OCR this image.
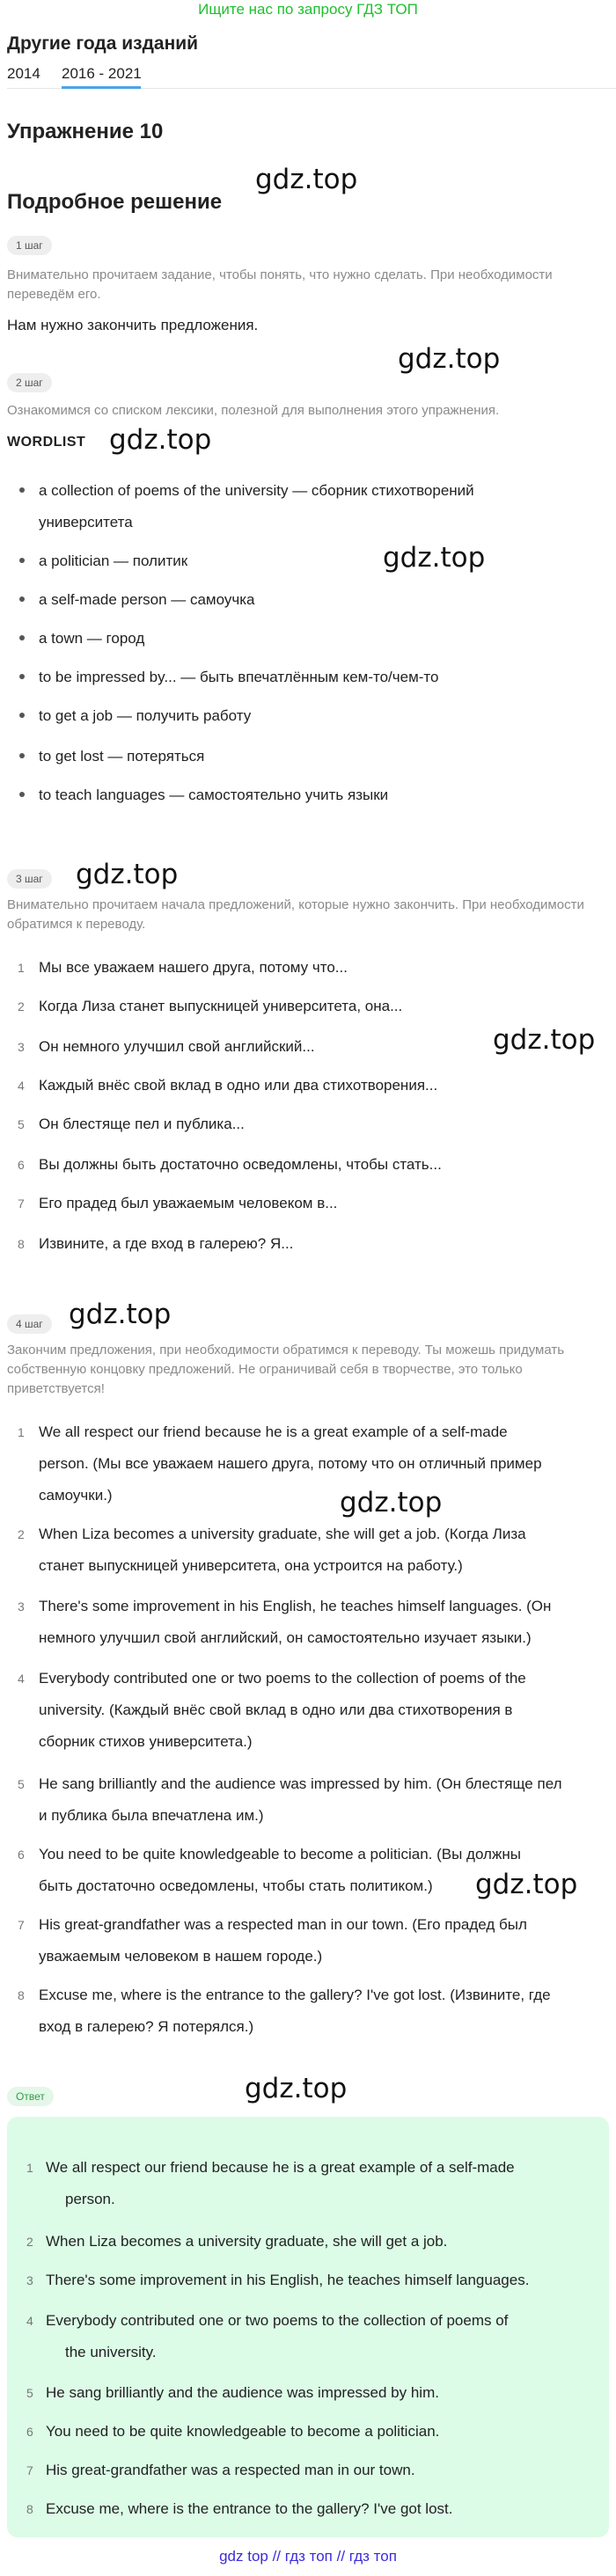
Ищите нас по запросу ГДЗ ТОП
Другие года изданий
2014 2016 - 2021
Упражнение 10
Подробное решение
gdz.top
gdz.top
gdz.top
gdz.top
gdz.top
gdz.top
gdz.top
gdz.top
gdz.top
gdz.top
1 шаг
Внимательно прочитаем задание, чтобы понять, что нужно сделать. При необходимости переведём его.
Нам нужно закончить предложения.
2 шаг
Ознакомимся со списком лексики, полезной для выполнения этого упражнения.
WORDLIST
a collection of poems of the university — сборник стихотворений
университета
a politician — политик
a self-made person — самоучка
a town — город
to be impressed by... — быть впечатлённым кем-то/чем-то
to get a job — получить работу
to get lost — потеряться
to teach languages — самостоятельно учить языки
3 шаг
Внимательно прочитаем начала предложений, которые нужно закончить. При необходимости обратимся к переводу.
1 Мы все уважаем нашего друга, потому что...
2 Когда Лиза станет выпускницей университета, она...
3 Он немного улучшил свой английский...
4 Каждый внёс свой вклад в одно или два стихотворения...
5 Он блестяще пел и публика...
6 Вы должны быть достаточно осведомлены, чтобы стать...
7 Его прадед был уважаемым человеком в...
8 Извините, а где вход в галерею? Я...
4 шаг
Закончим предложения, при необходимости обратимся к переводу. Ты можешь придумать собственную концовку предложений. Не ограничивай себя в творчестве, это только приветствуется!
1 We all respect our friend because he is a great example of a self-made
person. (Мы все уважаем нашего друга, потому что он отличный пример
самоучки.)
2 When Liza becomes a university graduate, she will get a job. (Когда Лиза
станет выпускницей университета, она устроится на работу.)
3 There's some improvement in his English, he teaches himself languages. (Он
немного улучшил свой английский, он самостоятельно изучает языки.)
4 Everybody contributed one or two poems to the collection of poems of the
university. (Каждый внёс свой вклад в одно или два стихотворения в
сборник стихов университета.)
5 He sang brilliantly and the audience was impressed by him. (Он блестяще пел
и публика была впечатлена им.)
6 You need to be quite knowledgeable to become a politician. (Вы должны
быть достаточно осведомлены, чтобы стать политиком.)
7 His great-grandfather was a respected man in our town. (Его прадед был
уважаемым человеком в нашем городе.)
8 Excuse me, where is the entrance to the gallery? I've got lost. (Извините, где
вход в галерею? Я потерялся.)
Ответ
1 We all respect our friend because he is a great example of a self-made
person.
2 When Liza becomes a university graduate, she will get a job.
3 There's some improvement in his English, he teaches himself languages.
4 Everybody contributed one or two poems to the collection of poems of
the university.
5 He sang brilliantly and the audience was impressed by him.
6 You need to be quite knowledgeable to become a politician.
7 His great-grandfather was a respected man in our town.
8 Excuse me, where is the entrance to the gallery? I've got lost.
gdz top // гдз топ // гдз топ
